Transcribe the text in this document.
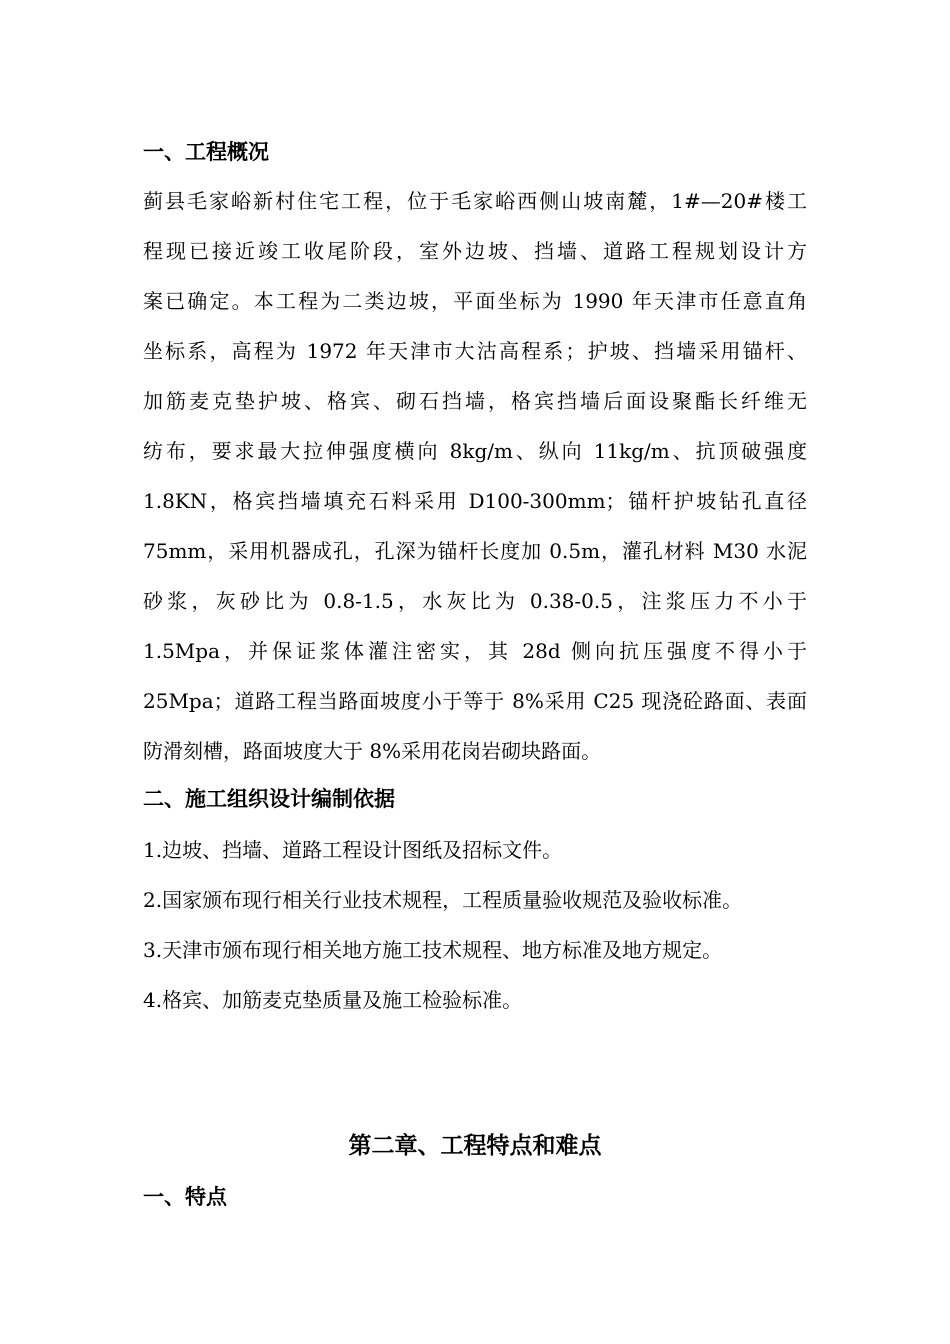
一、工程概况
蓟县毛家峪新村住宅工程，位于毛家峪西侧山坡南麓，1#—20#楼工
程现已接近竣工收尾阶段，室外边坡、挡墙、道路工程规划设计方
案已确定。本工程为二类边坡，平面坐标为 1990 年天津市任意直角
坐标系，高程为 1972 年天津市大沽高程系；护坡、挡墙采用锚杆、
加筋麦克垫护坡、格宾、砌石挡墙，格宾挡墙后面设聚酯长纤维无
纺布，要求最大拉伸强度横向 8kg/m、纵向 11kg/m、抗顶破强度
1.8KN，格宾挡墙填充石料采用 D100-300mm；锚杆护坡钻孔直径
75mm，采用机器成孔，孔深为锚杆长度加 0.5m，灌孔材料 M30 水泥
砂浆，灰砂比为 0.8-1.5，水灰比为 0.38-0.5，注浆压力不小于
1.5Mpa，并保证浆体灌注密实，其 28d 侧向抗压强度不得小于
25Mpa；道路工程当路面坡度小于等于 8%采用 C25 现浇砼路面、表面
防滑刻槽，路面坡度大于 8%采用花岗岩砌块路面。
二、施工组织设计编制依据
1.边坡、挡墙、道路工程设计图纸及招标文件。
2.国家颁布现行相关行业技术规程，工程质量验收规范及验收标准。
3.天津市颁布现行相关地方施工技术规程、地方标准及地方规定。
4.格宾、加筋麦克垫质量及施工检验标准。
第二章、工程特点和难点
一、特点
